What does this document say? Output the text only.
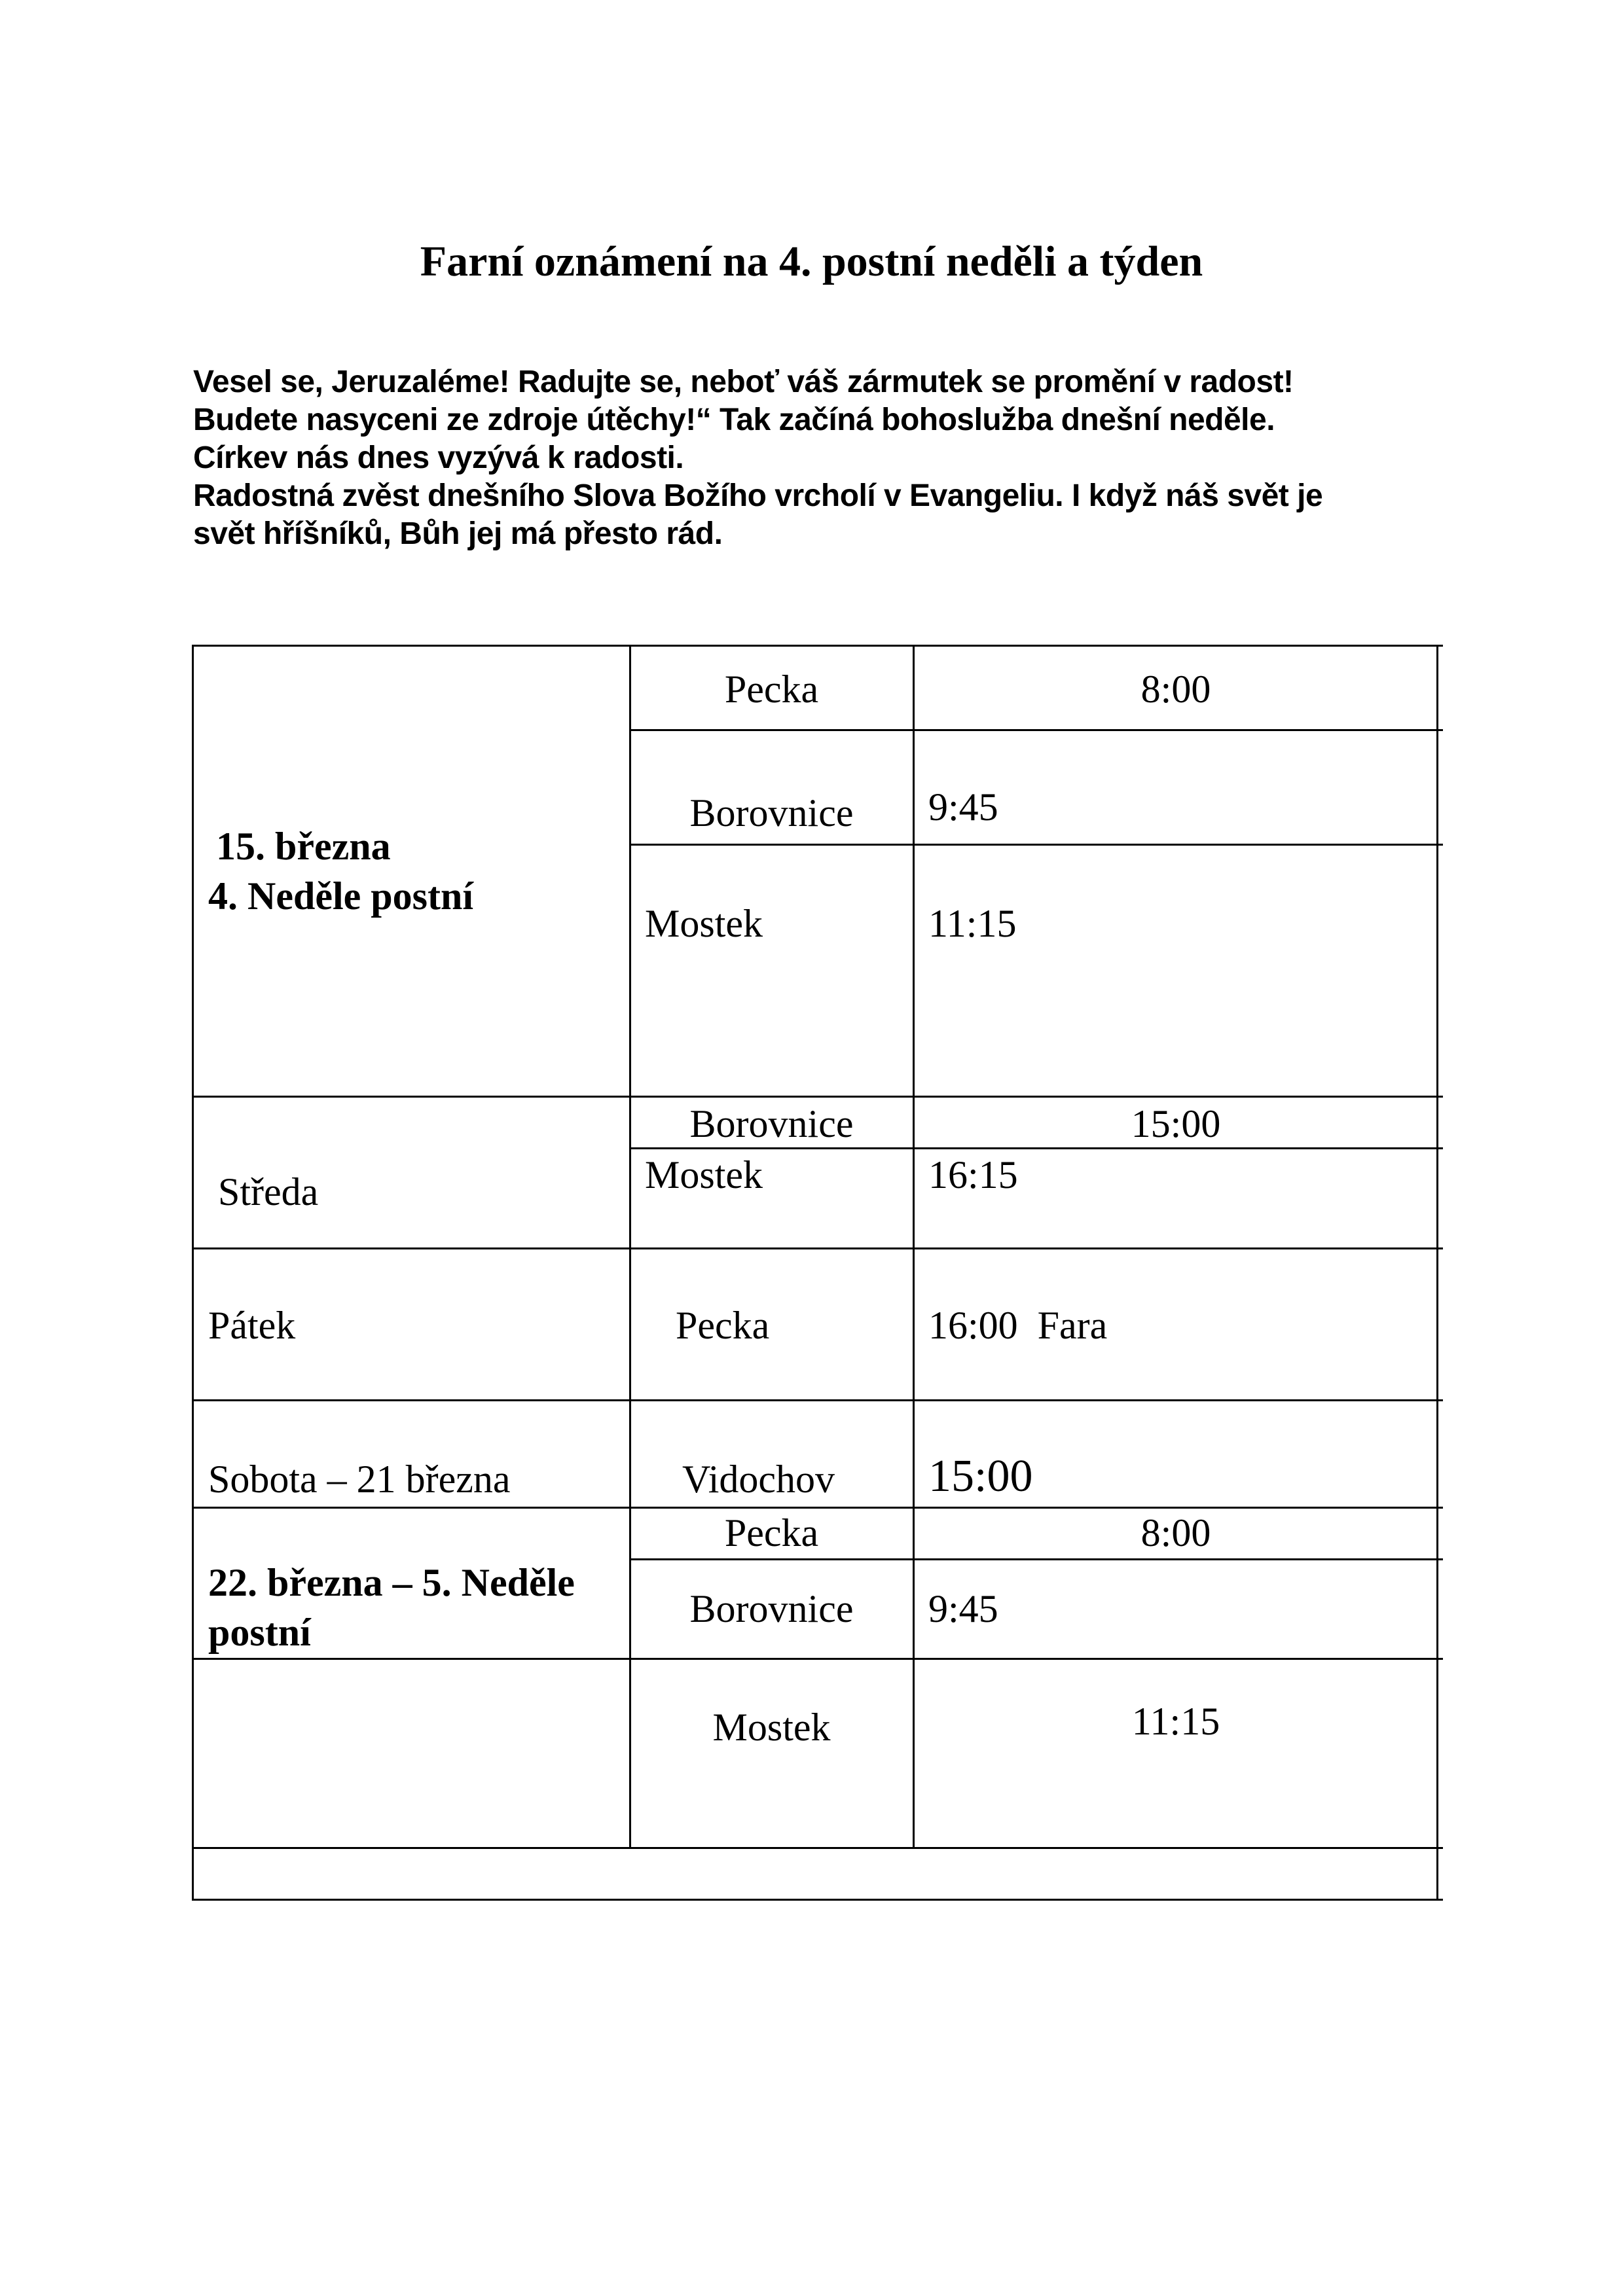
Farní oznámení na 4. postní neděli a týden
Vesel se, Jeruzaléme! Radujte se, neboť váš zármutek se promění v radost!
Budete nasyceni ze zdroje útěchy!“ Tak začíná bohoslužba dnešní neděle.
Církev nás dnes vyzývá k radosti.
Radostná zvěst dnešního Slova Božího vrcholí v Evangeliu. I když náš svět je
svět hříšníků, Bůh jej má přesto rád.
15. března
4. Neděle postní
Pecka	8:00
Borovnice	9:45
Mostek	11:15
Středa
Borovnice	15:00
Mostek	16:15
Pátek	Pecka	16:00  Fara
Sobota – 21 března	Vidochov 15:00
22. března – 5. Neděle
postní
Pecka	8:00
Borovnice	9:45
Mostek	11:15
